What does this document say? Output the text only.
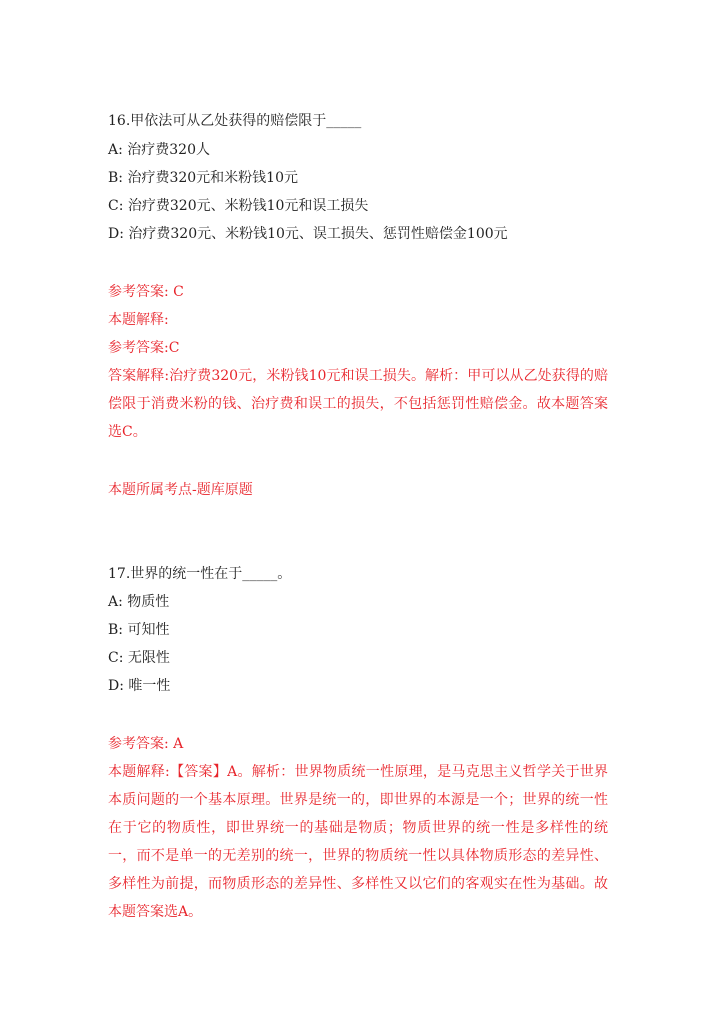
16.甲依法可从乙处获得的赔偿限于_____
A: 治疗费320人
B: 治疗费320元和米粉钱10元
C: 治疗费320元、米粉钱10元和误工损失
D: 治疗费320元、米粉钱10元、误工损失、惩罚性赔偿金100元
参考答案: C
本题解释:
参考答案:C
答案解释:治疗费320元，米粉钱10元和误工损失。解析：甲可以从乙处获得的赔偿限于消费米粉的钱、治疗费和误工的损失，不包括惩罚性赔偿金。故本题答案选C。
本题所属考点-题库原题
17.世界的统一性在于_____。
A: 物质性
B: 可知性
C: 无限性
D: 唯一性
参考答案: A
本题解释:【答案】A。解析：世界物质统一性原理，是马克思主义哲学关于世界本质问题的一个基本原理。世界是统一的，即世界的本源是一个；世界的统一性在于它的物质性，即世界统一的基础是物质；物质世界的统一性是多样性的统一，而不是单一的无差别的统一，世界的物质统一性以具体物质形态的差异性、多样性为前提，而物质形态的差异性、多样性又以它们的客观实在性为基础。故本题答案选A。
